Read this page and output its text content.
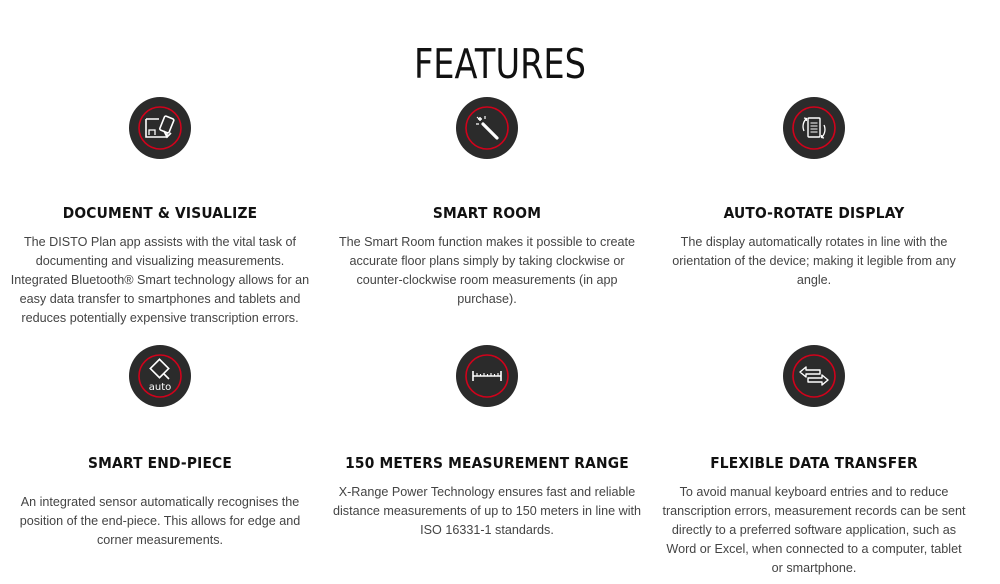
FEATURES
DOCUMENT & VISUALIZE
The DISTO Plan app assists with the vital task of documenting and visualizing measurements. Integrated Bluetooth® Smart technology allows for an easy data transfer to smartphones and tablets and reduces potentially expensive transcription errors.
SMART ROOM
The Smart Room function makes it possible to create accurate floor plans simply by taking clockwise or counter-clockwise room measurements (in app purchase).
AUTO-ROTATE DISPLAY
The display automatically rotates in line with the orientation of the device; making it legible from any angle.
auto
SMART END-PIECE
An integrated sensor automatically recognises the position of the end-piece. This allows for edge and corner measurements.
150 METERS MEASUREMENT RANGE
X-Range Power Technology ensures fast and reliable distance measurements of up to 150 meters in line with ISO 16331-1 standards.
FLEXIBLE DATA TRANSFER
To avoid manual keyboard entries and to reduce transcription errors, measurement records can be sent directly to a preferred software application, such as Word or Excel, when connected to a computer, tablet or smartphone.
